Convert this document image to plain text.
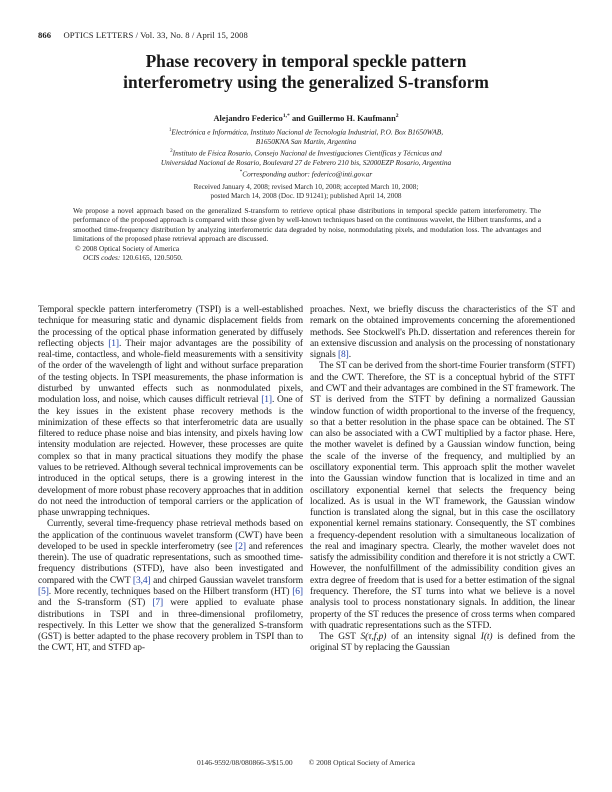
866 OPTICS LETTERS / Vol. 33, No. 8 / April 15, 2008
Phase recovery in temporal speckle pattern
interferometry using the generalized S-transform
Alejandro Federico$^{1,*}$ and Guillermo H. Kaufmann$^2$
$^1$Electrónica e Informática, Instituto Nacional de Tecnología Industrial, P.O. Box B1650WAB,
B1650KNA San Martín, Argentina
$^2$Instituto de Física Rosario, Consejo Nacional de Investigaciones Científicas y Técnicas and
Universidad Nacional de Rosario, Boulevard 27 de Febrero 210 bis, S2000EZP Rosario, Argentina
*Corresponding author: federico@inti.gov.ar
Received January 4, 2008; revised March 10, 2008; accepted March 10, 2008;
posted March 14, 2008 (Doc. ID 91241); published April 14, 2008
We propose a novel approach based on the generalized S-transform to retrieve optical phase distributions in temporal speckle pattern interferometry. The performance of the proposed approach is compared with those given by well-known techniques based on the continuous wavelet, the Hilbert transforms, and a smoothed time-frequency distribution by analyzing interferometric data degraded by noise, nonmodulating pixels, and modulation loss. The advantages and limitations of the proposed phase retrieval approach are discussed.
© 2008 Optical Society of America
OCIS codes: 120.6165, 120.5050.

Temporal speckle pattern interferometry (TSPI) is a well-established technique for measuring static and dynamic displacement fields from the processing of the optical phase information generated by diffusely reflecting objects [1]. Their major advantages are the possibility of real-time, contactless, and whole-field measurements with a sensitivity of the order of the wavelength of light and without surface preparation of the testing objects. In TSPI measurements, the phase information is disturbed by unwanted effects such as nonmodulated pixels, modulation loss, and noise, which causes difficult retrieval [1]. One of the key issues in the existent phase recovery methods is the minimization of these effects so that interferometric data are usually filtered to reduce phase noise and bias intensity, and pixels having low intensity modulation are rejected. However, these processes are quite complex so that in many practical situations they modify the phase values to be retrieved. Although several technical improvements can be introduced in the optical setups, there is a growing interest in the development of more robust phase recovery approaches that in addition do not need the introduction of temporal carriers or the application of phase unwrapping techniques.

Currently, several time-frequency phase retrieval methods based on the application of the continuous wavelet transform (CWT) have been developed to be used in speckle interferometry (see [2] and references therein). The use of quadratic representations, such as smoothed time-frequency distributions (STFD), have also been investigated and compared with the CWT [3,4] and chirped Gaussian wavelet transform [5]. More recently, techniques based on the Hilbert transform (HT) [6] and the S-transform (ST) [7] were applied to evaluate phase distributions in TSPI and in three-dimensional profilometry, respectively. In this Letter we show that the generalized S-transform (GST) is better adapted to the phase recovery problem in TSPI than to the CWT, HT, and STFD ap-

proaches. Next, we briefly discuss the characteristics of the ST and remark on the obtained improvements concerning the aforementioned methods. See Stockwell's Ph.D. dissertation and references therein for an extensive discussion and analysis on the processing of nonstationary signals [8].

The ST can be derived from the short-time Fourier transform (STFT) and the CWT. Therefore, the ST is a conceptual hybrid of the STFT and CWT and their advantages are combined in the ST framework. The ST is derived from the STFT by defining a normalized Gaussian window function of width proportional to the inverse of the frequency, so that a better resolution in the phase space can be obtained. The ST can also be associated with a CWT multiplied by a factor phase. Here, the mother wavelet is defined by a Gaussian window function, being the scale of the inverse of the frequency, and multiplied by an oscillatory exponential term. This approach split the mother wavelet into the Gaussian window function that is localized in time and an oscillatory exponential kernel that selects the frequency being localized. As is usual in the WT framework, the Gaussian window function is translated along the signal, but in this case the oscillatory exponential kernel remains stationary. Consequently, the ST combines a frequency-dependent resolution with a simultaneous localization of the real and imaginary spectra. Clearly, the mother wavelet does not satisfy the admissibility condition and therefore it is not strictly a CWT. However, the nonfulfillment of the admissibility condition gives an extra degree of freedom that is used for a better estimation of the signal frequency. Therefore, the ST turns into what we believe is a novel analysis tool to process nonstationary signals. In addition, the linear property of the ST reduces the presence of cross terms when compared with quadratic representations such as the STFD.

The GST S(τ,f,p) of an intensity signal I(t) is defined from the original ST by replacing the Gaussian

0146-9592/08/080866-3/$15.00 © 2008 Optical Society of America
